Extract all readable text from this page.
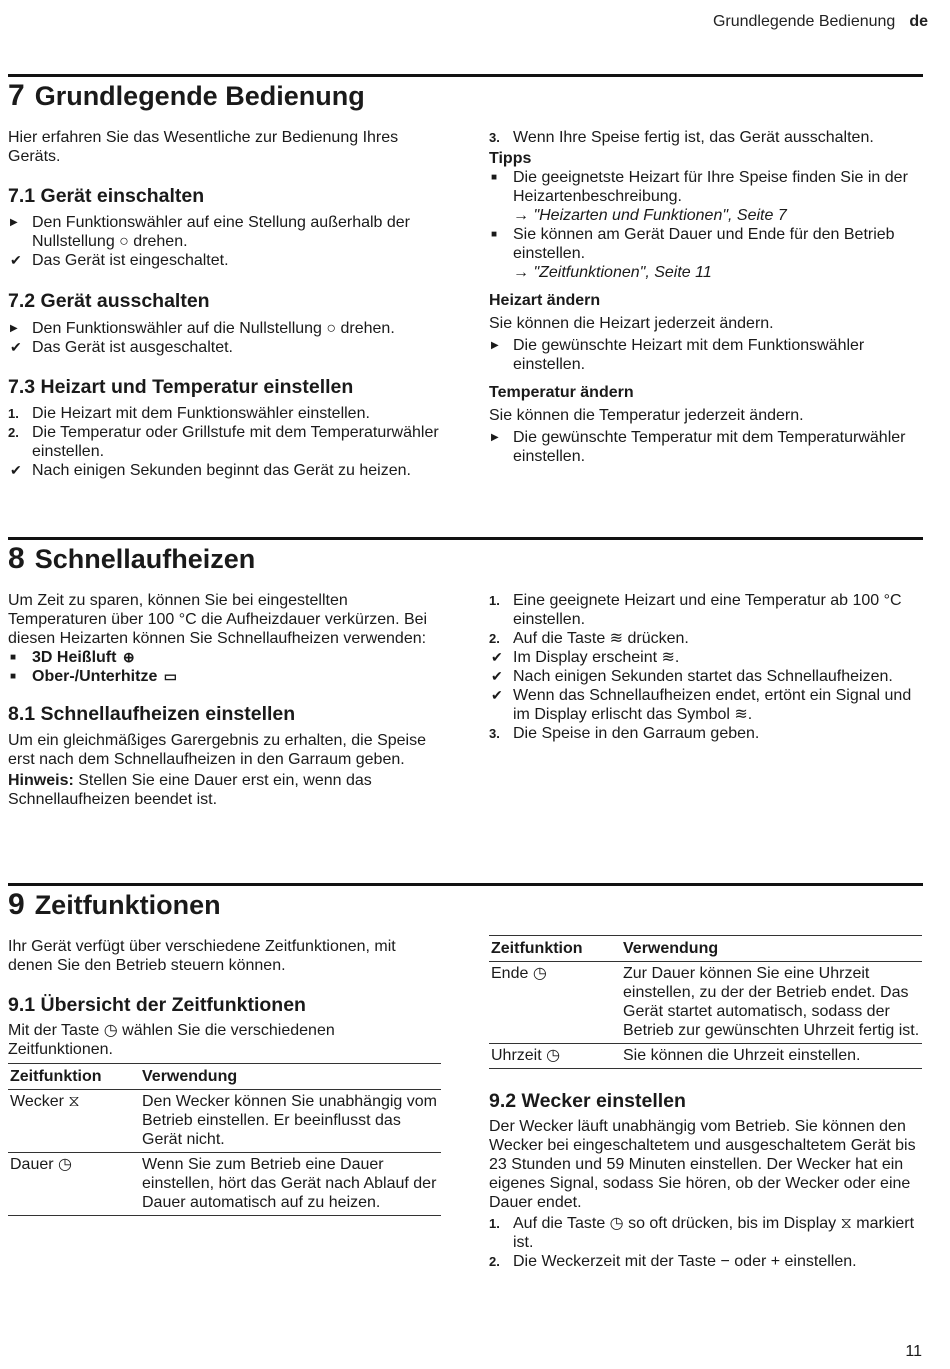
Grundlegende Bedienung de
7 Grundlegende Bedienung

Hier erfahren Sie das Wesentliche zur Bedienung Ihres Geräts.

7.1 Gerät einschalten
▶ Den Funktionswähler auf eine Stellung außerhalb der Nullstellung ○ drehen.
✔ Das Gerät ist eingeschaltet.
7.2 Gerät ausschalten
▶ Den Funktionswähler auf die Nullstellung ○ drehen.
✔ Das Gerät ist ausgeschaltet.
7.3 Heizart und Temperatur einstellen
1. Die Heizart mit dem Funktionswähler einstellen.
2. Die Temperatur oder Grillstufe mit dem Temperaturwähler einstellen.
✔ Nach einigen Sekunden beginnt das Gerät zu heizen.
3. Wenn Ihre Speise fertig ist, das Gerät ausschalten.
Tipps
■ Die geeignetste Heizart für Ihre Speise finden Sie in der Heizartenbeschreibung.
→ "Heizarten und Funktionen", Seite 7
■ Sie können am Gerät Dauer und Ende für den Betrieb einstellen.
→ "Zeitfunktionen", Seite 11
Heizart ändern

Sie können die Heizart jederzeit ändern.

▶ Die gewünschte Heizart mit dem Funktionswähler einstellen.
Temperatur ändern

Sie können die Temperatur jederzeit ändern.

▶ Die gewünschte Temperatur mit dem Temperaturwähler einstellen.
8 Schnellaufheizen

Um Zeit zu sparen, können Sie bei eingestellten Temperaturen über 100 °C die Aufheizdauer verkürzen. Bei diesen Heizarten können Sie Schnellaufheizen verwenden:

■ 3D Heißluft ⊕
■ Ober-/Unterhitze ▭
8.1 Schnellaufheizen einstellen

Um ein gleichmäßiges Garergebnis zu erhalten, die Speise erst nach dem Schnellaufheizen in den Garraum geben.

Hinweis: Stellen Sie eine Dauer erst ein, wenn das Schnellaufheizen beendet ist.

1. Eine geeignete Heizart und eine Temperatur ab 100 °C einstellen.
2. Auf die Taste ≋ drücken.
✔ Im Display erscheint ≋.
✔ Nach einigen Sekunden startet das Schnellaufheizen.
✔ Wenn das Schnellaufheizen endet, ertönt ein Signal und im Display erlischt das Symbol ≋.
3. Die Speise in den Garraum geben.
9 Zeitfunktionen

Ihr Gerät verfügt über verschiedene Zeitfunktionen, mit denen Sie den Betrieb steuern können.

9.1 Übersicht der Zeitfunktionen

Mit der Taste ◷ wählen Sie die verschiedenen Zeitfunktionen.

Zeitfunktion	Verwendung
Wecker ⧖	Den Wecker können Sie unabhängig vom Betrieb einstellen. Er beeinflusst das Gerät nicht.
Dauer ◷	Wenn Sie zum Betrieb eine Dauer einstellen, hört das Gerät nach Ablauf der Dauer automatisch auf zu heizen.
Zeitfunktion	Verwendung
Ende ◷	Zur Dauer können Sie eine Uhrzeit einstellen, zu der der Betrieb endet. Das Gerät startet automatisch, sodass der Betrieb zur gewünschten Uhrzeit fertig ist.
Uhrzeit ◷	Sie können die Uhrzeit einstellen.
9.2 Wecker einstellen

Der Wecker läuft unabhängig vom Betrieb. Sie können den Wecker bei eingeschaltetem und ausgeschaltetem Gerät bis 23 Stunden und 59 Minuten einstellen. Der Wecker hat ein eigenes Signal, sodass Sie hören, ob der Wecker oder eine Dauer endet.

1. Auf die Taste ◷ so oft drücken, bis im Display ⧖ markiert ist.
2. Die Weckerzeit mit der Taste − oder + einstellen.
11
